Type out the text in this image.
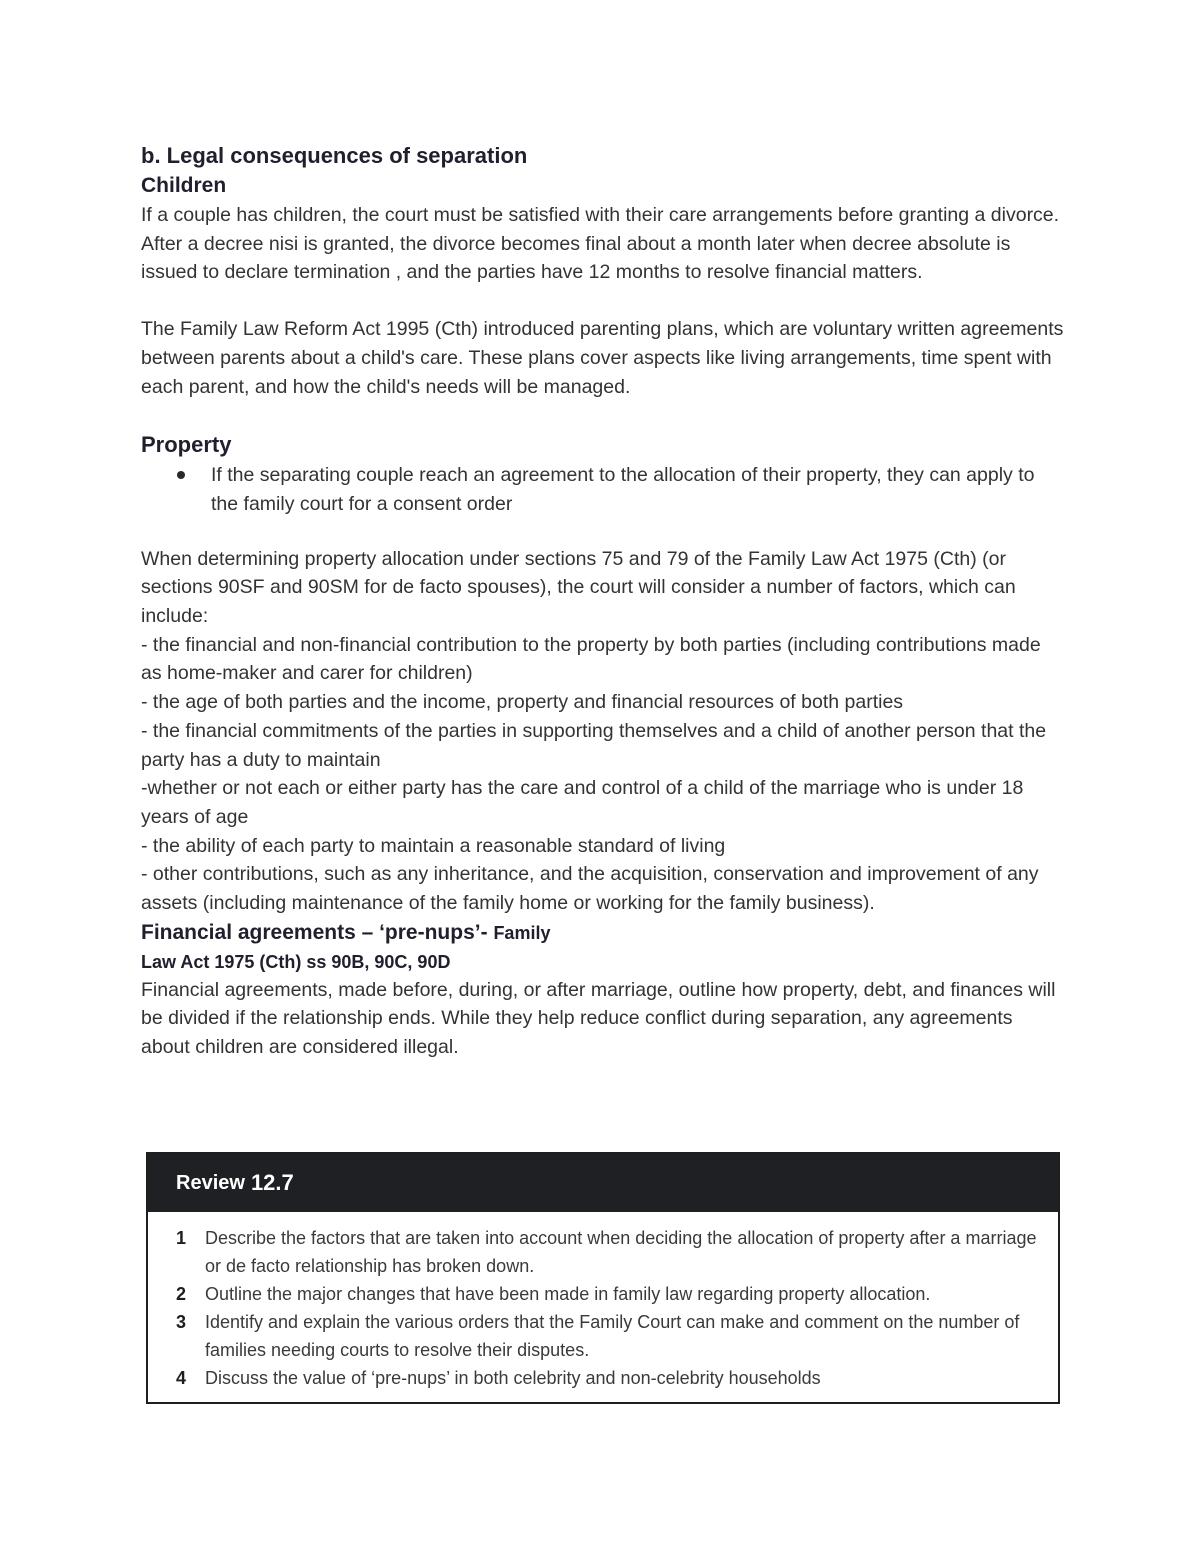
b. Legal consequences of separation
Children

If a couple has children, the court must be satisfied with their care arrangements before granting a divorce. After a decree nisi is granted, the divorce becomes final about a month later when decree absolute is issued to declare termination , and the parties have 12 months to resolve financial matters.

The Family Law Reform Act 1995 (Cth) introduced parenting plans, which are voluntary written agreements between parents about a child's care. These plans cover aspects like living arrangements, time spent with each parent, and how the child's needs will be managed.

Property
If the separating couple reach an agreement to the allocation of their property, they can apply to the family court for a consent order

When determining property allocation under sections 75 and 79 of the Family Law Act 1975 (Cth) (or sections 90SF and 90SM for de facto spouses), the court will consider a number of factors, which can include:

- the financial and non-financial contribution to the property by both parties (including contributions made as home-maker and carer for children)

- the age of both parties and the income, property and financial resources of both parties

- the financial commitments of the parties in supporting themselves and a child of another person that the party has a duty to maintain

-whether or not each or either party has the care and control of a child of the marriage who is under 18 years of age

- the ability of each party to maintain a reasonable standard of living

- other contributions, such as any inheritance, and the acquisition, conservation and improvement of any assets (including maintenance of the family home or working for the family business).

Financial agreements – ‘pre-nups’- Family

Law Act 1975 (Cth) ss 90B, 90C, 90D

Financial agreements, made before, during, or after marriage, outline how property, debt, and finances will be divided if the relationship ends. While they help reduce conflict during separation, any agreements about children are considered illegal.

Review 12.7
1	Describe the factors that are taken into account when deciding the allocation of property after a marriage or de facto relationship has broken down.
2	Outline the major changes that have been made in family law regarding property allocation.
3	Identify and explain the various orders that the Family Court can make and comment on the number of families needing courts to resolve their disputes.
4	Discuss the value of ‘pre-nups’ in both celebrity and non-celebrity households
